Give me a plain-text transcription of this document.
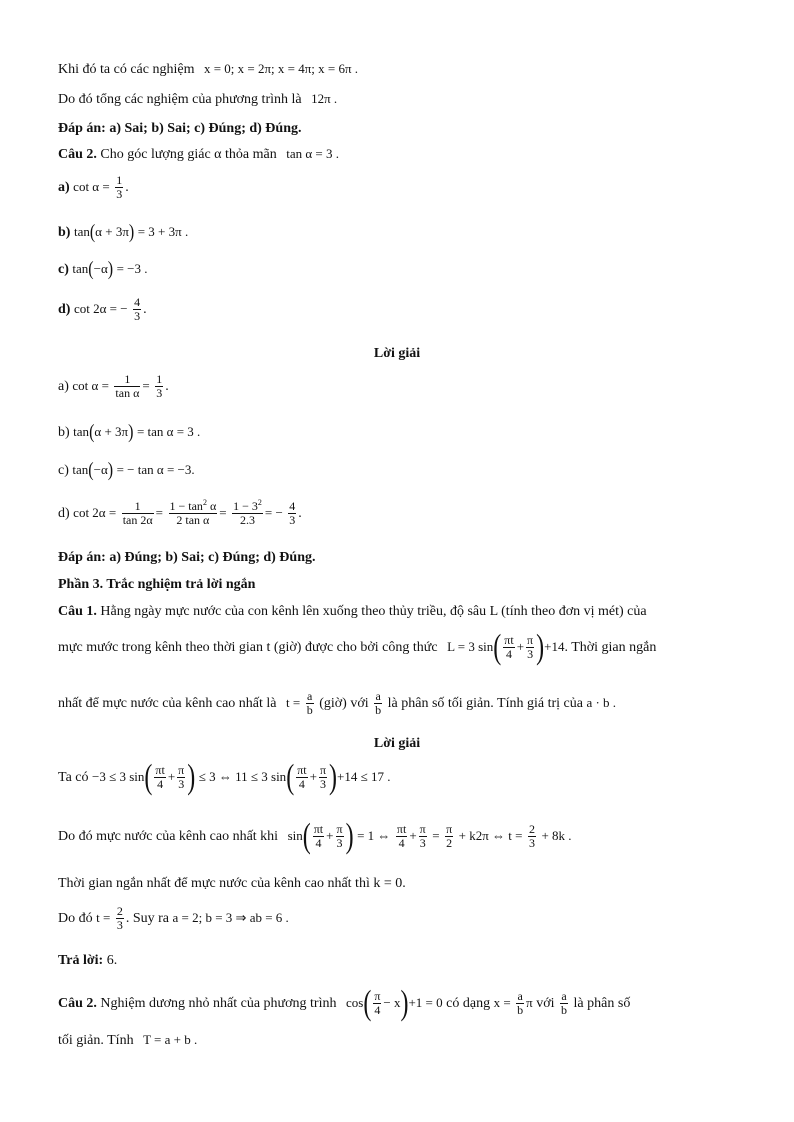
Khi đó ta có các nghiệm x = 0; x = 2π; x = 4π; x = 6π .
Do đó tổng các nghiệm của phương trình là 12π .
Đáp án: a) Sai; b) Sai; c) Đúng; d) Đúng.
Câu 2. Cho góc lượng giác α thỏa mãn tan α = 3 .
a) $\cot \alpha = \frac{1}{3}$ .
b) tan(α + 3π) = 3 + 3π .
c) tan(−α) = −3 .
d) cot 2α = − $\frac{4}{3}$ .
Lời giải
a) $\cot \alpha = \frac{1}{\text{tan α}} = \frac{1}{3}$ .
b) tan(α + 3π) = tan α = 3 .
c) tan(−α) = − tan α = −3.
d) $\cot 2\alpha = \frac{1}{\tan 2\alpha} = \frac{1 - \tan^2 \alpha}{\text{2 tan α}} = \frac{1 - 3^2}{2.3}$ = − $\frac{4}{3}$ .
Đáp án: a) Đúng; b) Sai; c) Đúng; d) Đúng.
Phần 3. Trắc nghiệm trả lời ngắn
Câu 1. Hằng ngày mực nước của con kênh lên xuống theo thủy triều, độ sâu L (tính theo đơn vị mét) của
mực mước trong kênh theo thời gian t (giờ) được cho bởi công thức L = 3 $\sin( \frac{\pi t}{4} + \frac{\pi}{3} )+14$. Thời gian ngắn
nhất để mực nước của kênh cao nhất là $t = \frac{a}{b}$ (giờ) với $\frac{a}{b}$ là phân số tối giản. Tính giá trị của a · b .
Lời giải
Ta có −3 ≤ 3 $\sin( \frac{\pi t}{4} + \frac{\pi}{3}$ ) ≤ 3 ⇔ 11 ≤ 3 $\sin( \frac{\pi t}{4} + \frac{\pi}{3} )+14 \le 17$ .
Do đó mực nước của kênh cao nhất khi $\sin( \frac{\pi t}{4} + \frac{\pi}{3}$ ) = 1 ⇔ $\frac{\pi t}{4} + \frac{\pi}{3} = \frac{\pi}{2} + k2\pi$ ⇔ $t = \frac{2}{3} + 8k$ .
Thời gian ngắn nhất để mực nước của kênh cao nhất thì k = 0.
Do đó $t = \frac{2}{3}$ . Suy ra a = 2; b = 3 ⇒ ab = 6 .
Trả lời: 6.
Câu 2. Nghiệm dương nhỏ nhất của phương trình $\cos( \frac{\pi}{4} - x)+1 = 0$ có dạng $x = \frac{a}{b}$ π với $\frac{a}{b}$ là phân số
tối giản. Tính T = a + b .
